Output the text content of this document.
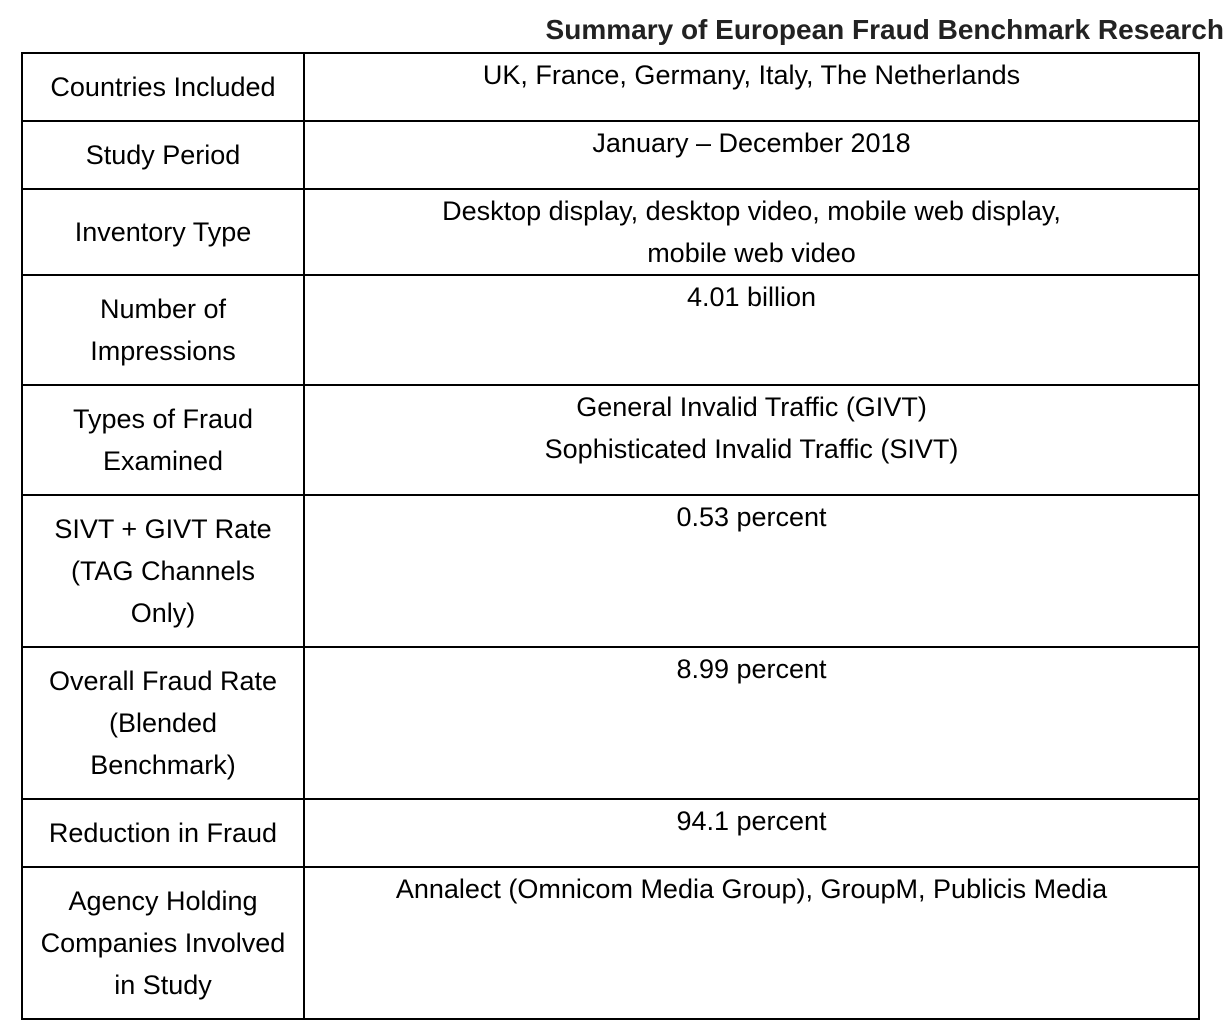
Summary of European Fraud Benchmark Research
Countries Included	UK, France, Germany, Italy, The Netherlands

Study Period	January – December 2018

Inventory Type	Desktop display, desktop video, mobile web display,
mobile web video

Number of Impressions	4.01 billion

Types of Fraud Examined	General Invalid Traffic (GIVT)
Sophisticated Invalid Traffic (SIVT)

SIVT + GIVT Rate (TAG Channels Only)	0.53 percent

Overall Fraud Rate (Blended Benchmark)	8.99 percent

Reduction in Fraud	94.1 percent

Agency Holding Companies Involved in Study	Annalect (Omnicom Media Group), GroupM, Publicis Media
